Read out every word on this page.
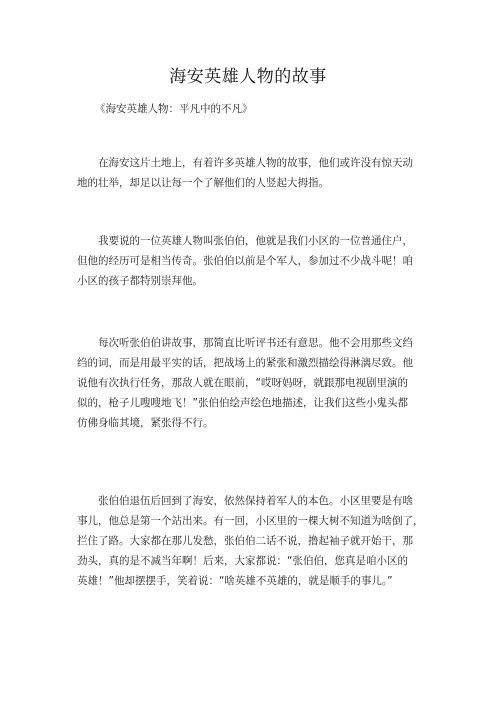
海安英雄人物的故事
《海安英雄人物：平凡中的不凡》
　　在海安这片土地上，有着许多英雄人物的故事，他们或许没有惊天动
地的壮举，却足以让每一个了解他们的人竖起大拇指。
　　我要说的一位英雄人物叫张伯伯，他就是我们小区的一位普通住户，
但他的经历可是相当传奇。张伯伯以前是个军人，参加过不少战斗呢！咱
小区的孩子都特别崇拜他。
　　每次听张伯伯讲故事，那简直比听评书还有意思。他不会用那些文绉
绉的词，而是用最平实的话，把战场上的紧张和激烈描绘得淋漓尽致。他
说他有次执行任务，那敌人就在眼前，“哎呀妈呀，就跟那电视剧里演的
似的，枪子儿嗖嗖地飞！”张伯伯绘声绘色地描述，让我们这些小鬼头都
仿佛身临其境，紧张得不行。
　　张伯伯退伍后回到了海安，依然保持着军人的本色。小区里要是有啥
事儿，他总是第一个站出来。有一回，小区里的一棵大树不知道为啥倒了，
拦住了路。大家都在那儿发愁，张伯伯二话不说，撸起袖子就开始干，那
劲头，真的是不减当年啊！后来，大家都说：“张伯伯，您真是咱小区的
英雄！”他却摆摆手，笑着说：“啥英雄不英雄的，就是顺手的事儿。”
